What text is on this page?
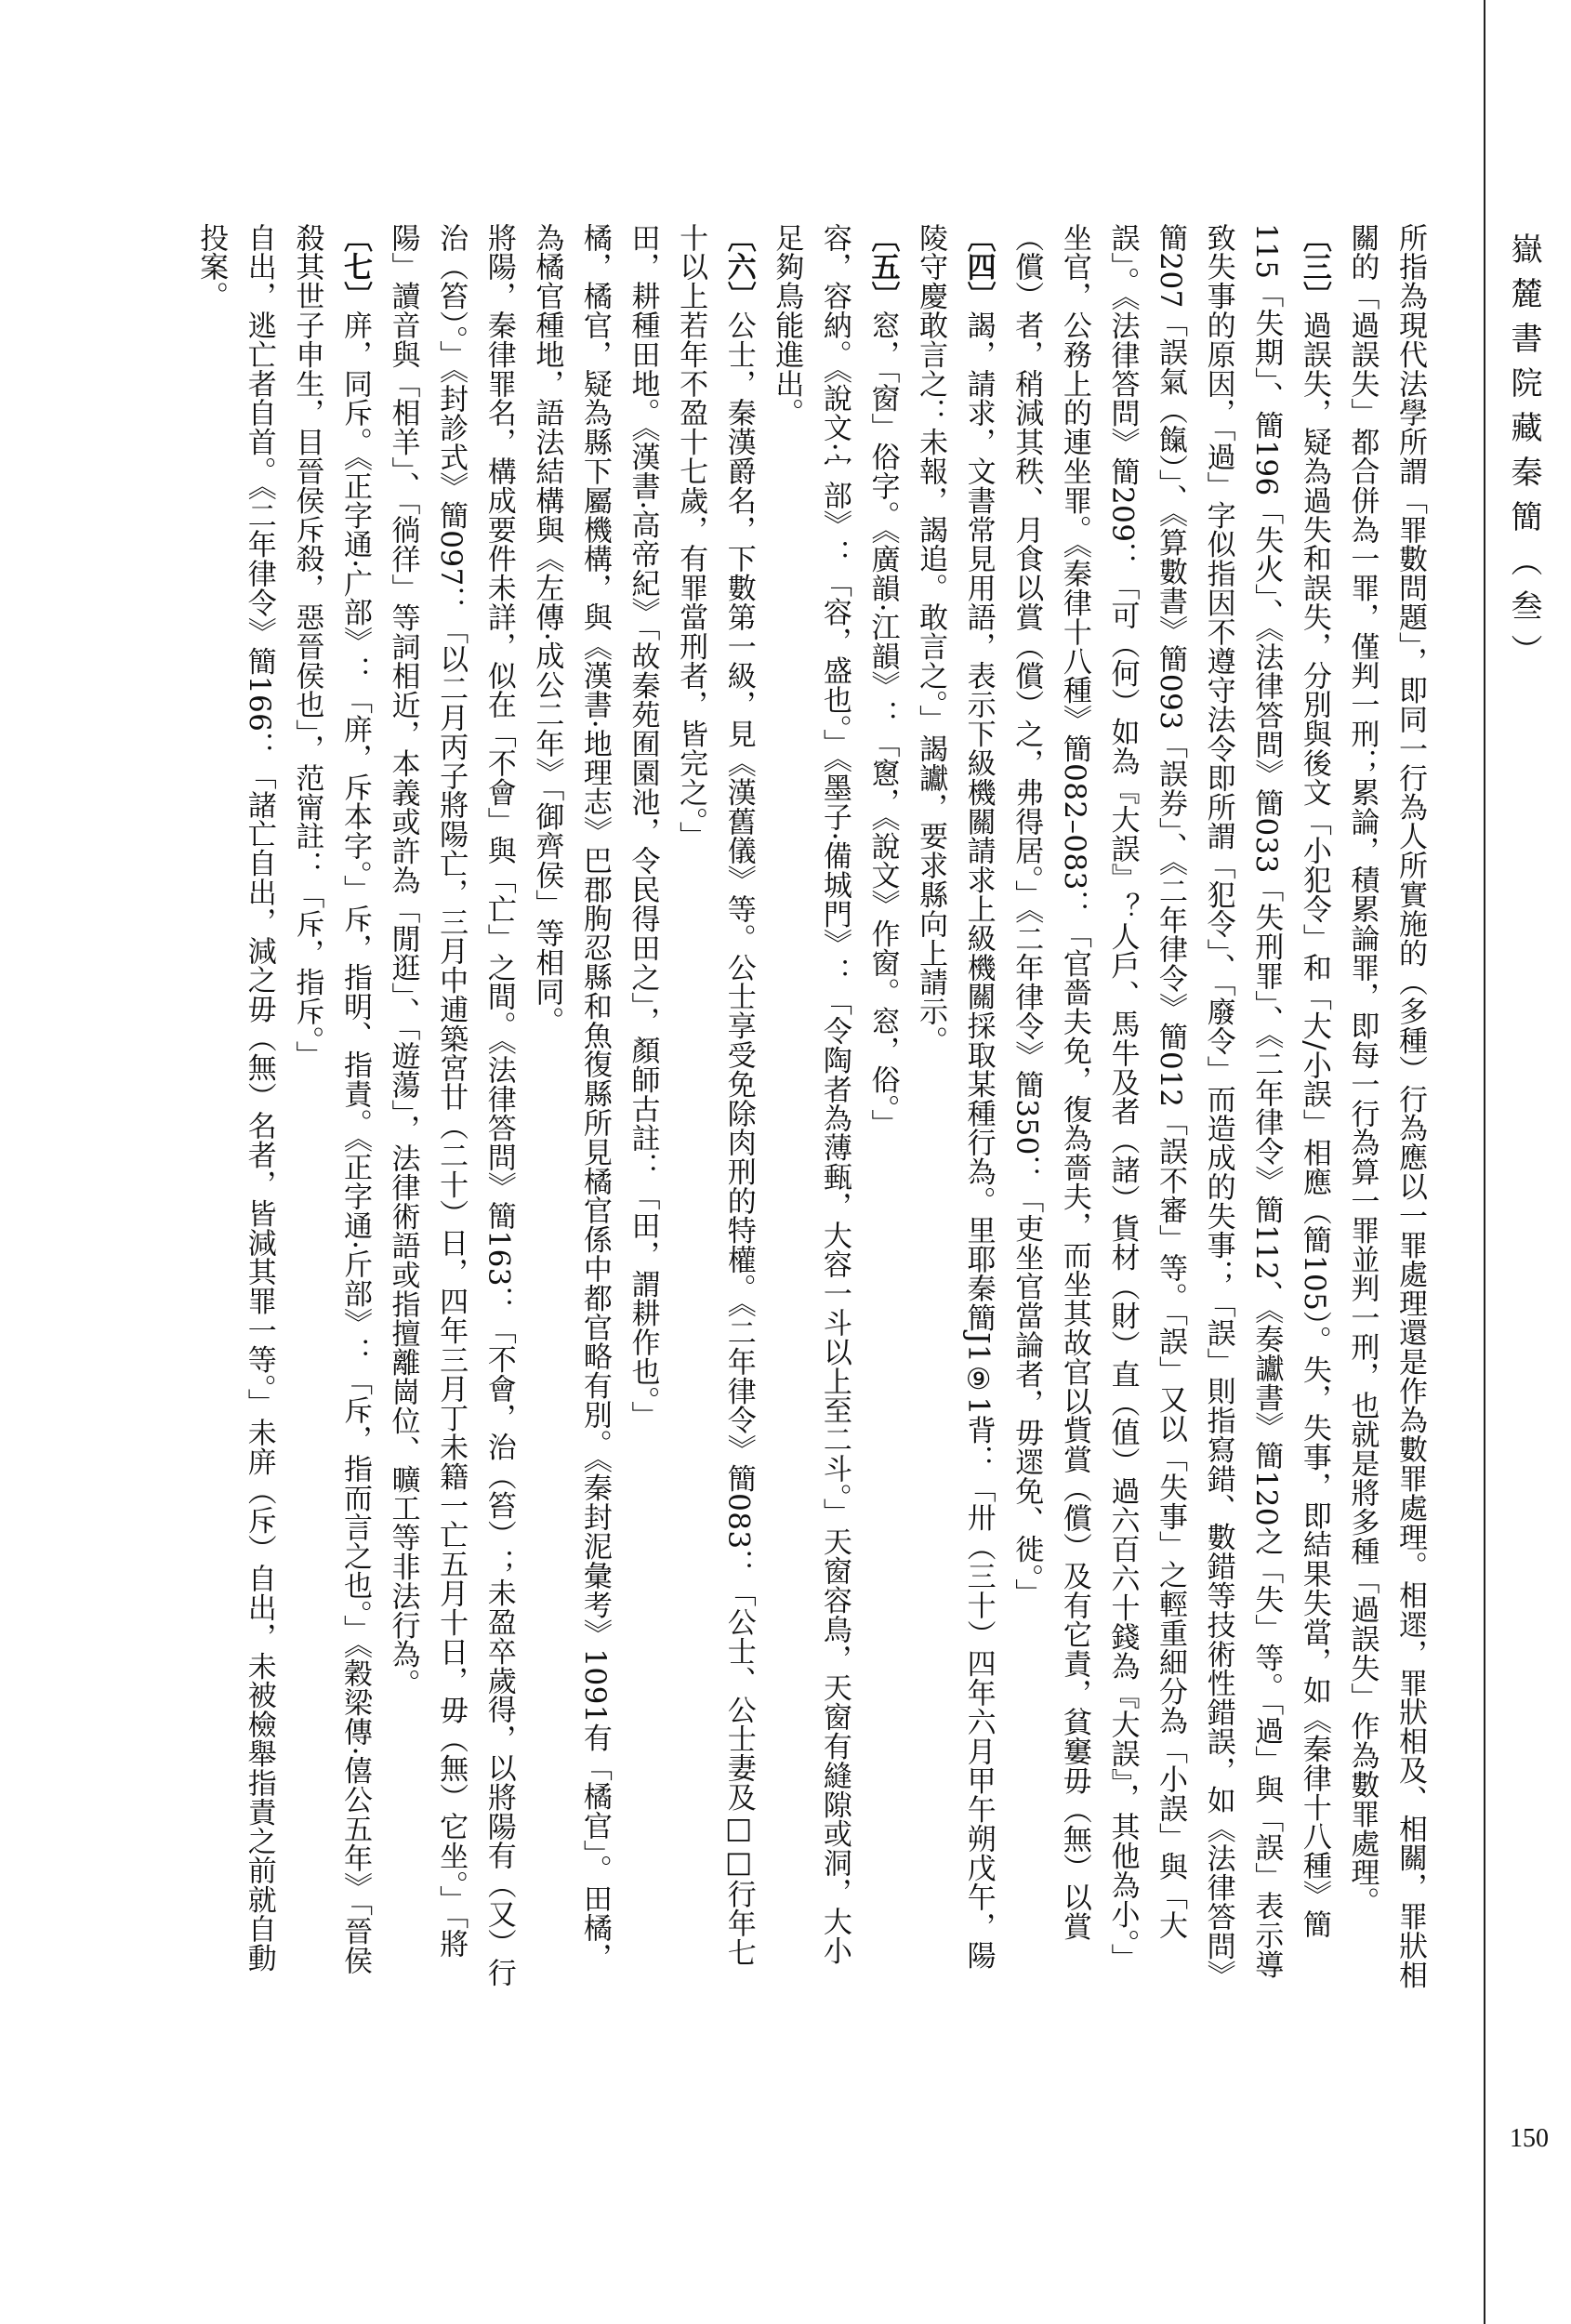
嶽麓書院藏秦簡（叁）
150

所指為現代法學所謂「罪數問題」，即同一行為人所實施的（多種）行為應以一罪處理還是作為數罪處理。相遝，罪狀相及、相關，罪狀相關的「過誤失」都合併為一罪，僅判一刑；累論，積累論罪，即每一行為算一罪並判一刑，也就是將多種「過誤失」作為數罪處理。

〔三〕過誤失，疑為過失和誤失，分別與後文「小犯令」和「大/小誤」相應（簡105）。失，失事，即結果失當，如《秦律十八種》簡115「失期」、簡196「失火」、《法律答問》簡033「失刑罪」、《二年律令》簡112、《奏讞書》簡120之「失」等。「過」與「誤」表示導致失事的原因，「過」字似指因不遵守法令即所謂「犯令」、「廢令」而造成的失事；「誤」則指寫錯、數錯等技術性錯誤，如《法律答問》簡207「誤氣（餼）」、《算數書》簡093「誤券」、《二年律令》簡012「誤不審」等。「誤」又以「失事」之輕重細分為「小誤」與「大誤」。《法律答問》簡209：「可（何）如為『大誤』？人戶、馬牛及者（諸）貨材（財）直（值）過六百六十錢為『大誤』，其他為小。」

坐官，公務上的連坐罪。《秦律十八種》簡082–083：「官嗇夫免，復為嗇夫，而坐其故官以貲賞（償）及有它責，貧窶毋（無）以賞（償）者，稍減其秩、月食以賞（償）之，弗得居。」《二年律令》簡350：「吏坐官當論者，毋遝免、徙。」

〔四〕謁，請求，文書常見用語，表示下級機關請求上級機關採取某種行為。里耶秦簡J1⑨1背：「卅（三十）四年六月甲午朔戊午，陽陵守慶敢言之：未報，謁追。敢言之。」謁讞，要求縣向上請示。

〔五〕窓，「窗」俗字。《廣韻·江韻》：「窻，《說文》作窗。窓，俗。」

容，容納。《說文·宀部》：「容，盛也。」《墨子·備城門》：「令陶者為薄甀，大容一斗以上至二斗。」天窗容鳥，天窗有縫隙或洞，大小足夠鳥能進出。

〔六〕公士，秦漢爵名，下數第一級，見《漢舊儀》等。公士享受免除肉刑的特權。《二年律令》簡083：「公士、公士妻及□□行年七十以上若年不盈十七歲，有罪當刑者，皆完之。」

田，耕種田地。《漢書·高帝紀》「故秦苑囿園池，令民得田之」，顏師古註：「田，謂耕作也。」

橘，橘官，疑為縣下屬機構，與《漢書·地理志》巴郡朐忍縣和魚復縣所見橘官係中都官略有別。《秦封泥彙考》1091有「橘官」。田橘，為橘官種地，語法結構與《左傳·成公二年》「御齊侯」等相同。

將陽，秦律罪名，構成要件未詳，似在「不會」與「亡」之間。《法律答問》簡163：「不會，治（笞）；未盈卒歲得，以將陽有（又）行治（笞）。」《封診式》簡097：「以二月丙子將陽亡，三月中逋築宮廿（二十）日，四年三月丁未籍一亡五月十日，毋（無）它坐。」「將陽」讀音與「相羊」、「徜徉」等詞相近，本義或許為「閒逛」、「遊蕩」，法律術語或指擅離崗位、曠工等非法行為。

〔七〕庰，同斥。《正字通·广部》：「庰，斥本字。」斥，指明、指責。《正字通·斤部》：「斥，指而言之也。」《穀梁傳·僖公五年》「晉侯殺其世子申生，目晉侯斥殺，惡晉侯也」，范甯註：「斥，指斥。」

自出，逃亡者自首。《二年律令》簡166：「諸亡自出，減之毋（無）名者，皆減其罪一等。」未庰（斥）自出，未被檢舉指責之前就自動投案。
